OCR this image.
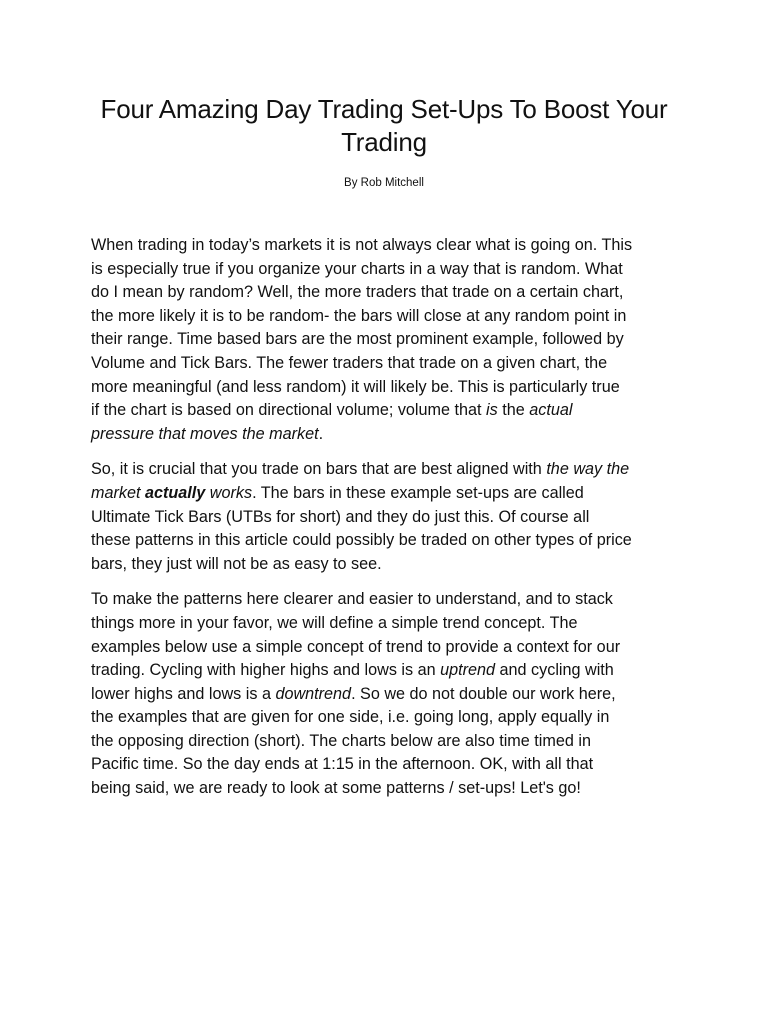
Four Amazing Day Trading Set-Ups To Boost Your
Trading
By Rob Mitchell

When trading in today’s markets it is not always clear what is going on. This
is especially true if you organize your charts in a way that is random. What
do I mean by random? Well, the more traders that trade on a certain chart,
the more likely it is to be random- the bars will close at any random point in
their range. Time based bars are the most prominent example, followed by
Volume and Tick Bars. The fewer traders that trade on a given chart, the
more meaningful (and less random) it will likely be. This is particularly true
if the chart is based on directional volume; volume that is the actual
pressure that moves the market.

So, it is crucial that you trade on bars that are best aligned with the way the
market actually works. The bars in these example set-ups are called
Ultimate Tick Bars (UTBs for short) and they do just this. Of course all
these patterns in this article could possibly be traded on other types of price
bars, they just will not be as easy to see.

To make the patterns here clearer and easier to understand, and to stack
things more in your favor, we will define a simple trend concept. The
examples below use a simple concept of trend to provide a context for our
trading. Cycling with higher highs and lows is an uptrend and cycling with
lower highs and lows is a downtrend. So we do not double our work here,
the examples that are given for one side, i.e. going long, apply equally in
the opposing direction (short). The charts below are also time timed in
Pacific time. So the day ends at 1:15 in the afternoon. OK, with all that
being said, we are ready to look at some patterns / set-ups! Let's go!
